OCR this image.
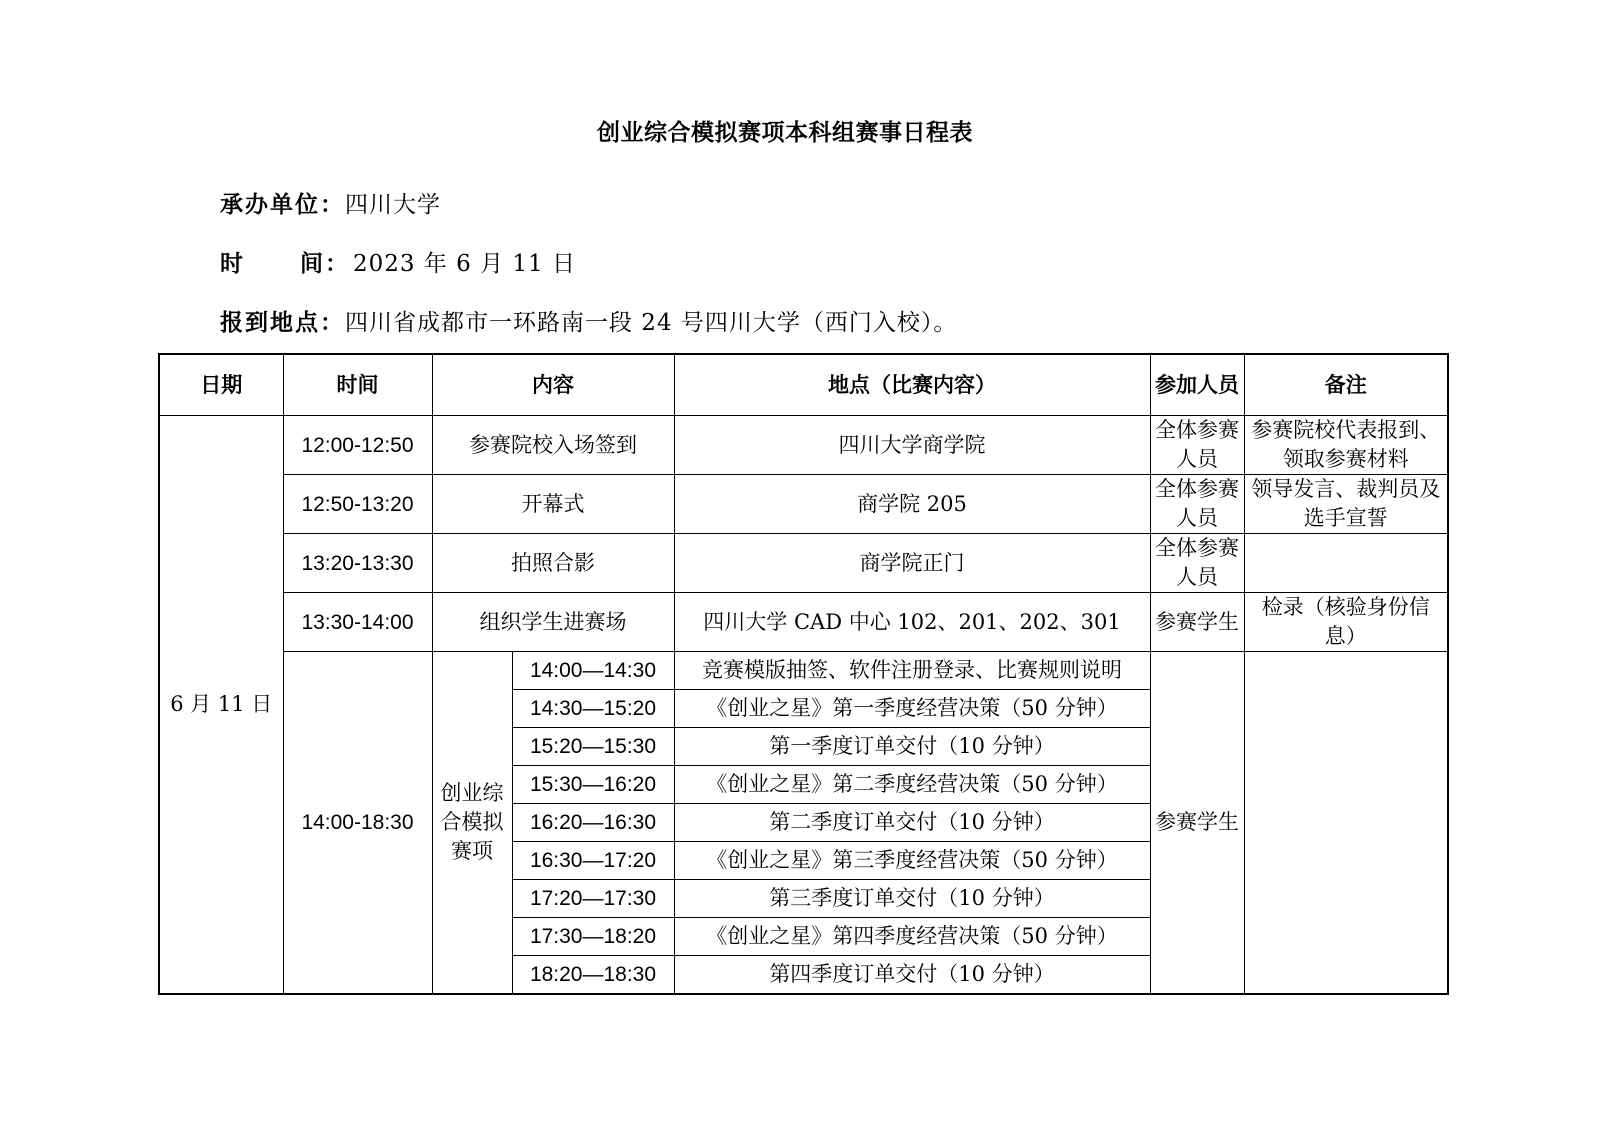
创业综合模拟赛项本科组赛事日程表
承办单位：四川大学
时 间： 2023 年 6 月 11 日
报到地点：四川省成都市一环路南一段 24 号四川大学（西门入校）。
日期	时间	内容		地点（比赛内容）	参加人员	备注
6 月 11 日	12:00-12:50	参赛院校入场签到		四川大学商学院	全体参赛人员	参赛院校代表报到、领取参赛材料
	12:50-13:20	开幕式		商学院 205	全体参赛人员	领导发言、裁判员及选手宣誓
	13:20-13:30	拍照合影		商学院正门	全体参赛人员	
	13:30-14:00	组织学生进赛场		四川大学 CAD 中心 102、201、202、301	参赛学生	检录（核验身份信息）
	14:00-18:30	创业综合模拟赛项	14:00—14:30	竞赛模版抽签、软件注册登录、比赛规则说明	参赛学生	
			14:30—15:20	《创业之星》第一季度经营决策（50 分钟）		
			15:20—15:30	第一季度订单交付（10 分钟）		
			15:30—16:20	《创业之星》第二季度经营决策（50 分钟）		
			16:20—16:30	第二季度订单交付（10 分钟）		
			16:30—17:20	《创业之星》第三季度经营决策（50 分钟）		
			17:20—17:30	第三季度订单交付（10 分钟）		
			17:30—18:20	《创业之星》第四季度经营决策（50 分钟）		
			18:20—18:30	第四季度订单交付（10 分钟）		
